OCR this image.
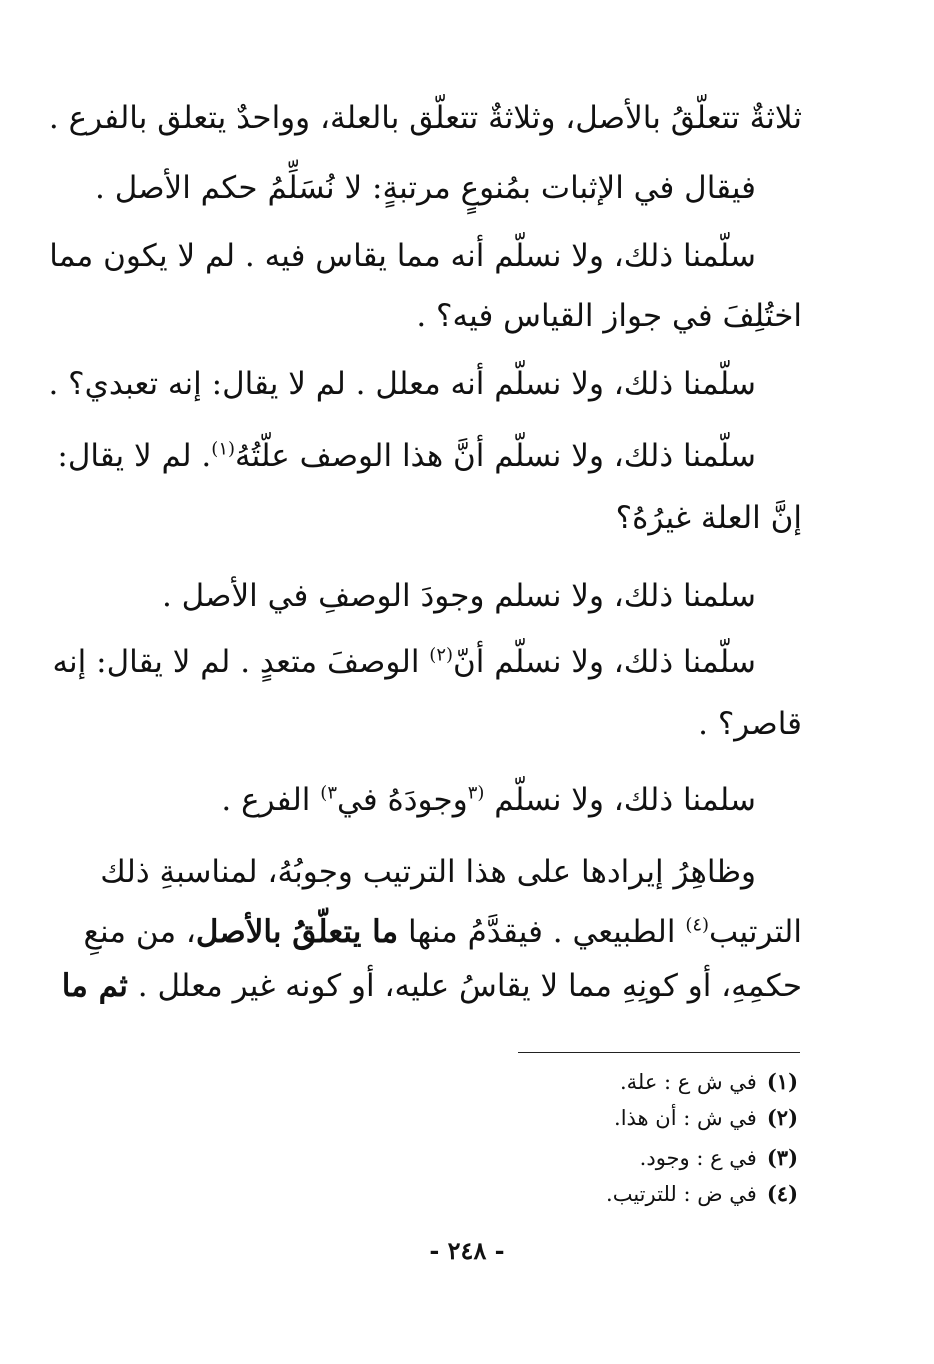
ثلاثةٌ تتعلّقُ بالأصل، وثلاثةٌ تتعلّق بالعلة، وواحدٌ يتعلق بالفرع .
فيقال في الإثبات بمُنوعٍ مرتبةٍ: لا نُسَلِّمُ حكم الأصل .
سلّمنا ذلك، ولا نسلّم أنه مما يقاس فيه . لم لا يكون مما
اختُلِفَ في جواز القياس فيه؟ .
سلّمنا ذلك، ولا نسلّم أنه معلل . لم لا يقال: إنه تعبدي؟ .
سلّمنا ذلك، ولا نسلّم أنَّ هذا الوصف علّتُهُ$^{(١)}$. لم لا يقال:
إنَّ العلة غيرُهُ؟
سلمنا ذلك، ولا نسلم وجودَ الوصفِ في الأصل .
سلّمنا ذلك، ولا نسلّم أنّ$^{(٢)}$ الوصفَ متعدٍ . لم لا يقال: إنه
قاصر؟ .
سلمنا ذلك، ولا نسلّم $^{(٣}$وجودَهُ في$^{٣)}$ الفرع .
وظاهِرُ إيرادها على هذا الترتيب وجوبُهُ، لمناسبةِ ذلك
الترتيب$^{(٤)}$ الطبيعي . فيقدَّمُ منها ما يتعلّقُ بالأصل، من منعِ
حكمِهِ، أو كونِهِ مما لا يقاسُ عليه، أو كونه غير معلل . ثم ما
(١)في ش ع : علة.
(٢)في ش : أن هذا.
(٣)في ع : وجود.
(٤)في ض : للترتيب.
- ٢٤٨ -
